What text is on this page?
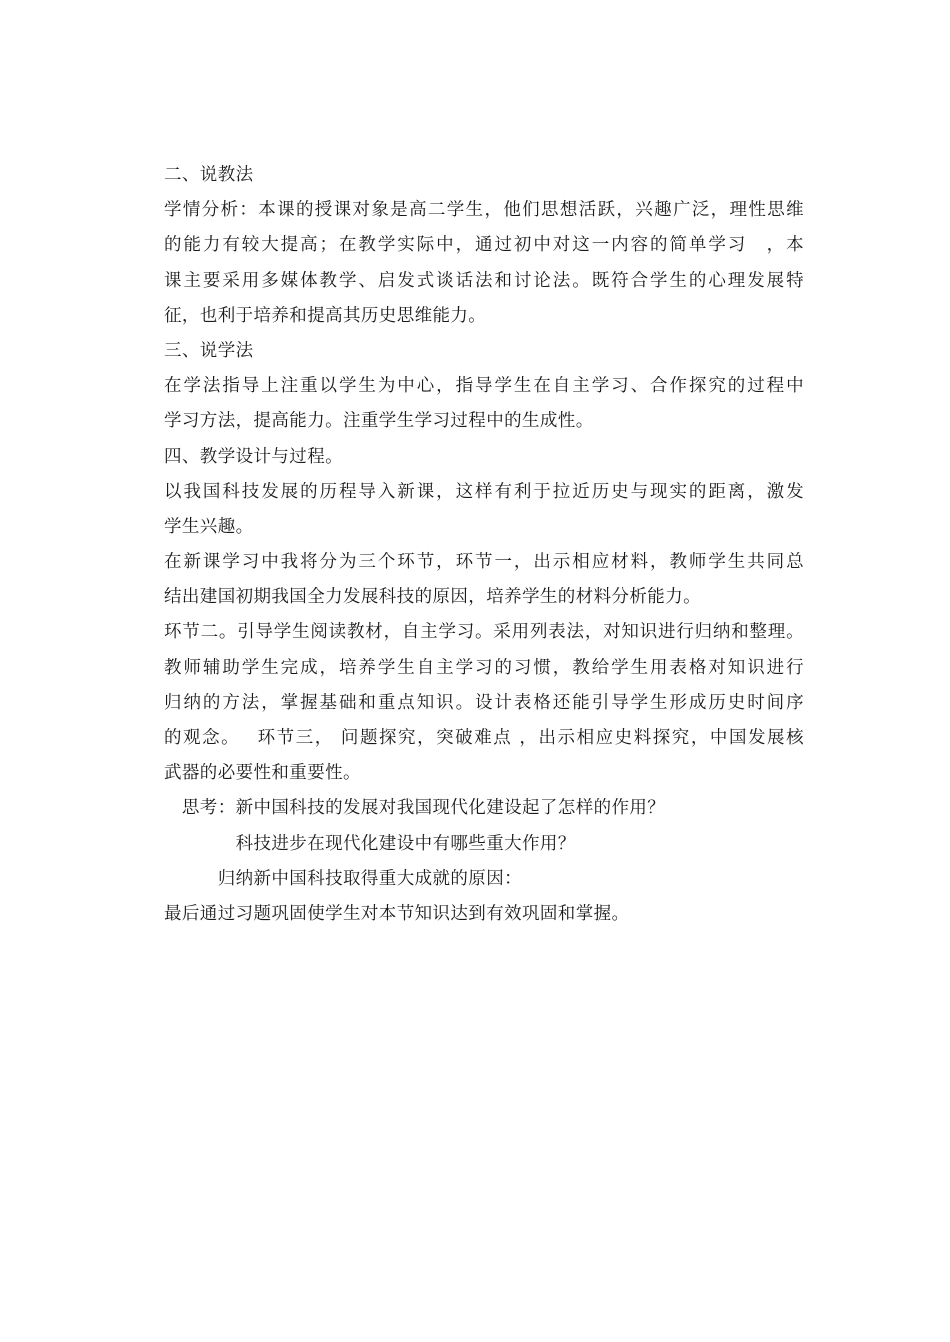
二、说教法
学情分析：本课的授课对象是高二学生，他们思想活跃，兴趣广泛，理性思维
的能力有较大提高；在教学实际中，通过初中对这一内容的简单学习　，本
课主要采用多媒体教学、启发式谈话法和讨论法。既符合学生的心理发展特
征，也利于培养和提高其历史思维能力。
三、说学法
在学法指导上注重以学生为中心，指导学生在自主学习、合作探究的过程中
学习方法，提高能力。注重学生学习过程中的生成性。
四、教学设计与过程。
以我国科技发展的历程导入新课，这样有利于拉近历史与现实的距离，激发
学生兴趣。
在新课学习中我将分为三个环节，环节一，出示相应材料，教师学生共同总
结出建国初期我国全力发展科技的原因，培养学生的材料分析能力。
环节二。引导学生阅读教材，自主学习。采用列表法，对知识进行归纳和整理。
教师辅助学生完成，培养学生自主学习的习惯，教给学生用表格对知识进行
归纳的方法，掌握基础和重点知识。设计表格还能引导学生形成历史时间序
的观念。　 环节三， 问题探究，突破难点 ，出示相应史料探究，中国发展核
武器的必要性和重要性。
　思考：新中国科技的发展对我国现代化建设起了怎样的作用？
　　　　科技进步在现代化建设中有哪些重大作用？
　　　归纳新中国科技取得重大成就的原因：
最后通过习题巩固使学生对本节知识达到有效巩固和掌握。
